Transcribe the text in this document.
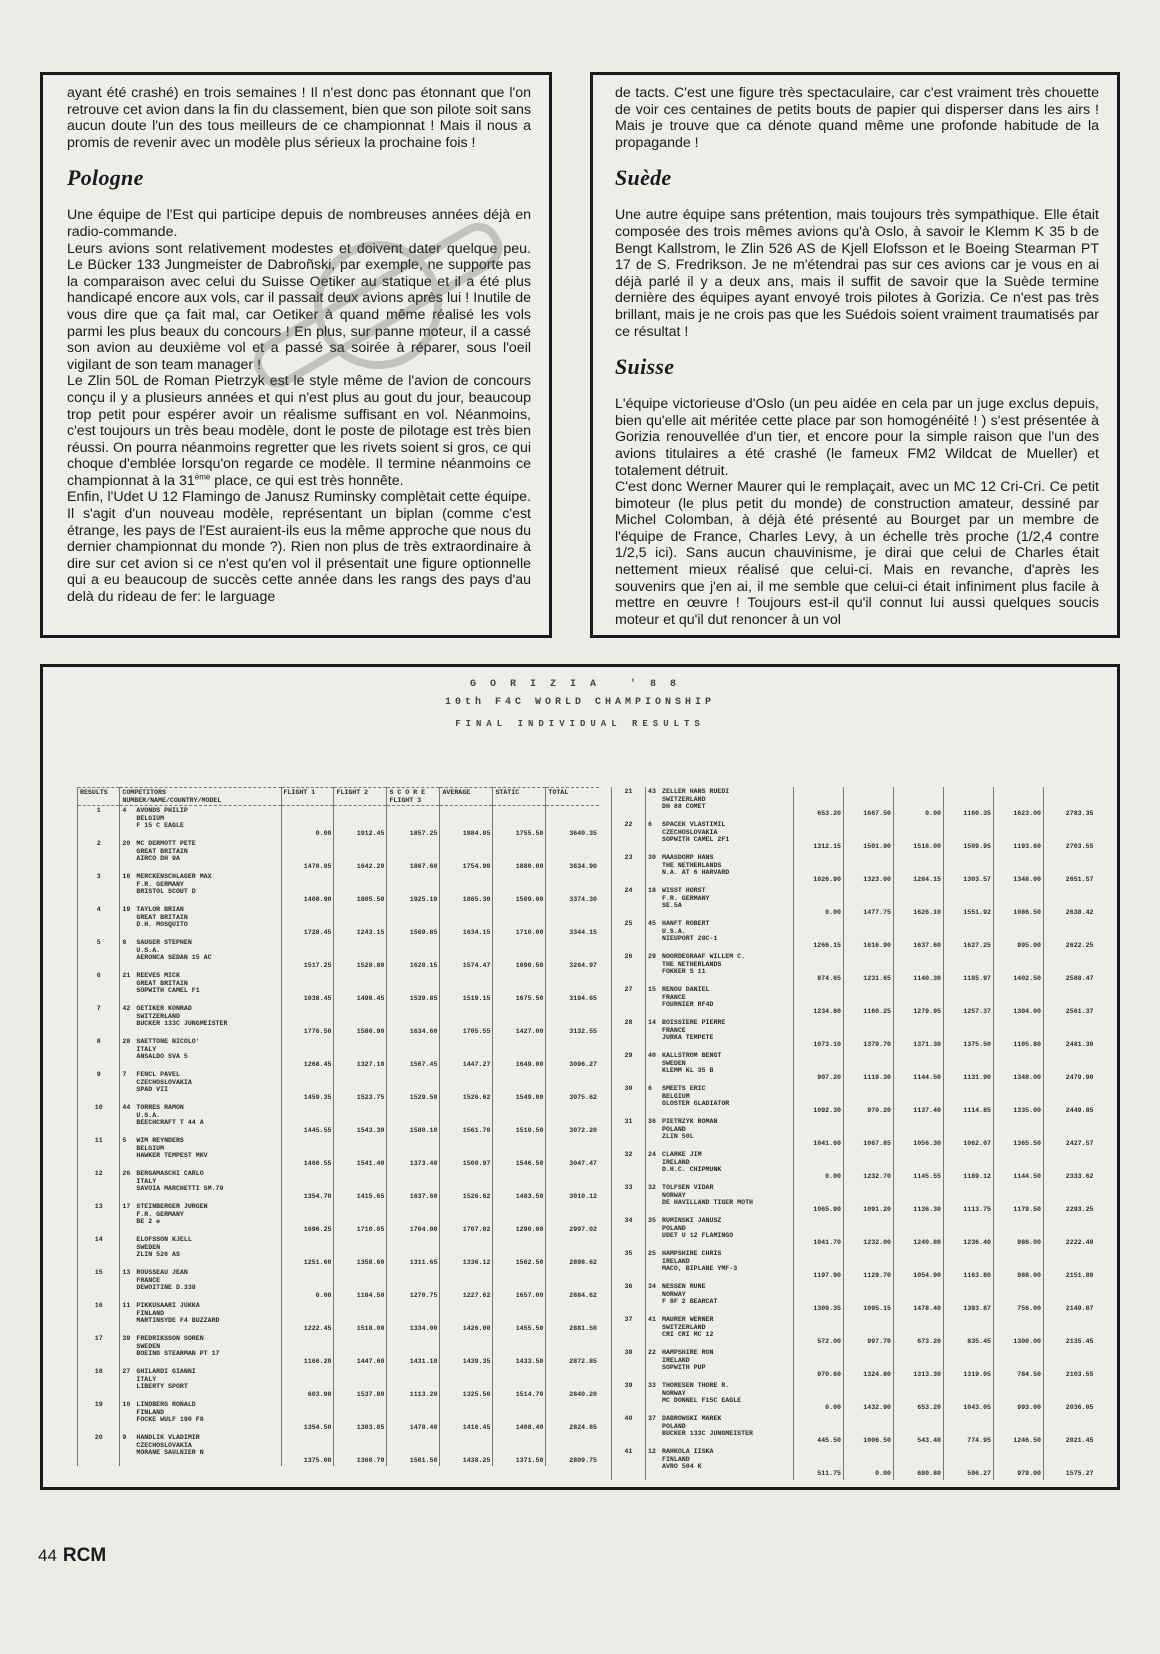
ayant été crashé) en trois semaines ! Il n'est donc pas étonnant que l'on retrouve cet avion dans la fin du classement, bien que son pilote soit sans aucun doute l'un des tous meilleurs de ce championnat ! Mais il nous a promis de revenir avec un modèle plus sérieux la prochaine fois !

Pologne

Une équipe de l'Est qui participe depuis de nombreuses années déjà en radio-commande.

Leurs avions sont relativement modestes et doivent dater quelque peu. Le Bücker 133 Jungmeister de Dabroñski, par exemple, ne supporte pas la comparaison avec celui du Suisse Oetiker au statique et il a été plus handicapé encore aux vols, car il passait deux avions après lui ! Inutile de vous dire que ça fait mal, car Oetiker à quand même réalisé les vols parmi les plus beaux du concours ! En plus, sur panne moteur, il a cassé son avion au deuxième vol et a passé sa soirée à réparer, sous l'oeil vigilant de son team manager !

Le Zlin 50L de Roman Pietrzyk est le style même de l'avion de concours conçu il y a plusieurs années et qui n'est plus au gout du jour, beaucoup trop petit pour espérer avoir un réalisme suffisant en vol. Néanmoins, c'est toujours un très beau modèle, dont le poste de pilotage est très bien réussi. On pourra néanmoins regretter que les rivets soient si gros, ce qui choque d'emblée lorsqu'on regarde ce modèle. Il termine néanmoins ce championnat à la 31ème place, ce qui est très honnête.

Enfin, l'Udet U 12 Flamingo de Janusz Ruminsky complètait cette équipe. Il s'agit d'un nouveau modèle, représentant un biplan (comme c'est étrange, les pays de l'Est auraient-ils eus la même approche que nous du dernier championnat du monde ?). Rien non plus de très extraordinaire à dire sur cet avion si ce n'est qu'en vol il présentait une figure optionnelle qui a eu beaucoup de succès cette année dans les rangs des pays d'au delà du rideau de fer: le larguage

de tacts. C'est une figure très spectaculaire, car c'est vraiment très chouette de voir ces centaines de petits bouts de papier qui disperser dans les airs ! Mais je trouve que ca dénote quand même une profonde habitude de la propagande !

Suède

Une autre équipe sans prétention, mais toujours très sympathique. Elle était composée des trois mêmes avions qu'à Oslo, à savoir le Klemm K 35 b de Bengt Kallstrom, le Zlin 526 AS de Kjell Elofsson et le Boeing Stearman PT 17 de S. Fredrikson. Je ne m'étendrai pas sur ces avions car je vous en ai déjà parlé il y a deux ans, mais il suffit de savoir que la Suède termine dernière des équipes ayant envoyé trois pilotes à Gorizia. Ce n'est pas très brillant, mais je ne crois pas que les Suédois soient vraiment traumatisés par ce résultat !

Suisse

L'équipe victorieuse d'Oslo (un peu aidée en cela par un juge exclus depuis, bien qu'elle ait méritée cette place par son homogénéité ! ) s'est présentée à Gorizia renouvellée d'un tier, et encore pour la simple raison que l'un des avions titulaires a été crashé (le fameux FM2 Wildcat de Mueller) et totalement détruit.

C'est donc Werner Maurer qui le remplaçait, avec un MC 12 Cri-Cri. Ce petit bimoteur (le plus petit du monde) de construction amateur, dessiné par Michel Colomban, à déjà été présenté au Bourget par un membre de l'équipe de France, Charles Levy, à un échelle très proche (1/2,4 contre 1/2,5 ici). Sans aucun chauvinisme, je dirai que celui de Charles était nettement mieux réalisé que celui-ci. Mais en revanche, d'après les souvenirs que j'en ai, il me semble que celui-ci était infiniment plus facile à mettre en œuvre ! Toujours est-il qu'il connut lui aussi quelques soucis moteur et qu'il dut renoncer à un vol

GORIZIA '88
10th F4C WORLD CHAMPIONSHIP
FINAL INDIVIDUAL RESULTS
RESULTS	COMPETITORS
NUMBER/NAME/COUNTRY/MODEL	FLIGHT 1	FLIGHT 2	S C O R E
FLIGHT 3	AVERAGE	STATIC	TOTAL
1	4 AVONDS PHILIP
BELGIUM
F 15 C EAGLE	0.00	1912.45	1857.25	1884.85	1755.50	3640.35
2	20 MC DERMOTT PETE
GREAT BRITAIN
AIRCO DH 9A	1470.85	1642.20	1867.60	1754.90	1880.00	3634.90
3	16 MERCKENSCHLAGER MAX
F.R. GERMANY
BRISTOL SCOUT D	1408.90	1805.50	1925.10	1865.30	1509.00	3374.30
4	19 TAYLOR BRIAN
GREAT BRITAIN
D.H. MOSQUITO	1728.45	1243.15	1569.85	1634.15	1710.00	3344.15
5	8 SAUGER STEPHEN
U.S.A.
AERONCA SEDAN 15 AC	1517.25	1528.80	1620.15	1574.47	1690.50	3264.97
6	21 REEVES MICK
GREAT BRITAIN
SOPWITH CAMEL F1	1038.45	1498.45	1539.85	1519.15	1675.50	3194.65
7	42 OETIKER KONRAD
SWITZERLAND
BUCKER 133C JUNGMEISTER	1776.50	1580.90	1634.60	1705.55	1427.00	3132.55
8	28 SAETTONE NICOLO'
ITALY
ANSALDO SVA 5	1268.45	1327.10	1567.45	1447.27	1649.00	3096.27
9	7 FENCL PAVEL
CZECHOSLOVAKIA
SPAD VII	1459.35	1523.75	1529.50	1526.62	1549.00	3075.62
10	44 TORRES RAMON
U.S.A.
BEECHCRAFT T 44 A	1445.55	1543.30	1580.10	1561.70	1510.50	3072.20
11	5 WIM REYNDERS
BELGIUM
HAWKER TEMPEST MKV	1460.55	1541.40	1373.40	1500.97	1546.50	3047.47
12	26 BERGAMASCHI CARLO
ITALY
SAVOIA MARCHETTI SM.79	1354.70	1415.65	1637.60	1526.62	1483.50	3010.12
13	17 STEINBERGER JURGEN
F.R. GERMANY
BE 2 e	1696.25	1710.05	1704.00	1707.02	1290.00	2997.02
14	ELOFSSON KJELL
SWEDEN
ZLIN 526 AS	1251.60	1358.60	1311.65	1336.12	1562.50	2898.62
15	13 ROUSSEAU JEAN
FRANCE
DEWOITINE D.338	0.00	1184.50	1270.75	1227.62	1657.00	2884.62
16	11 PIKKUSAARI JUKKA
FINLAND
MARTINSYDE F4 BUZZARD	1222.45	1518.00	1334.00	1426.00	1455.50	2881.50
17	39 FREDRIKSSON SOREN
SWEDEN
BOEING STEARMAN PT 17	1166.20	1447.60	1431.10	1439.35	1433.50	2872.85
18	27 GHILARDI GIANNI
ITALY
LIBERTY SPORT	603.90	1537.80	1113.20	1325.50	1514.70	2840.20
19	10 LINDBERG RONALD
FINLAND
FOCKE WULF 190 F8	1354.50	1303.05	1478.40	1416.45	1408.40	2824.85
20	9 HANDLIK VLADIMIR
CZECHOSLOVAKIA
MORANE SAULNIER N	1375.00	1360.70	1501.50	1438.25	1371.50	2809.75
21	43 ZELLER HANS RUEDI
SWITZERLAND
DH 88 COMET	653.20	1667.50	0.00	1160.35	1623.00	2783.35
22	6 SPACEK VLASTIMIL
CZECHOSLOVAKIA
SOPWITH CAMEL 2F1	1312.15	1501.90	1518.00	1509.95	1193.60	2703.55
23	30 MAASDORP HANS
THE NETHERLANDS
N.A. AT 6 HARVARD	1026.90	1323.00	1284.15	1303.57	1348.00	2651.57
24	18 WISST HORST
F.R. GERMANY
SE.5A	0.00	1477.75	1626.10	1551.92	1086.50	2638.42
25	45 HANFT ROBERT
U.S.A.
NIEUPORT 28C-1	1266.15	1616.90	1637.60	1627.25	995.00	2622.25
26	29 NOORDEGRAAF WILLEM C.
THE NETHERLANDS
FOKKER S 11	874.65	1231.65	1140.30	1185.97	1402.50	2588.47
27	15 RENOU DANIEL
FRANCE
FOURNIER RF4D	1234.80	1160.25	1279.95	1257.37	1304.00	2561.37
28	14 BOISSIERE PIERRE
FRANCE
JURKA TEMPETE	1073.10	1379.70	1371.30	1375.50	1105.80	2481.30
29	40 KALLSTROM BENGT
SWEDEN
KLEMM KL 35 B	907.20	1119.30	1144.50	1131.90	1348.00	2479.90
30	6 SMEETS ERIC
BELGIUM
GLOSTER GLADIATOR	1092.30	970.20	1137.40	1114.85	1335.00	2449.85
31	36 PIETRZYK ROMAN
POLAND
ZLIN 50L	1041.60	1067.85	1056.30	1062.07	1365.50	2427.57
32	24 CLARKE JIM
IRELAND
D.H.C. CHIPMUNK	0.00	1232.70	1145.55	1189.12	1144.50	2333.62
33	32 TOLFSEN VIDAR
NORWAY
DE HAVILLAND TIGER MOTH	1065.90	1091.20	1136.30	1113.75	1179.50	2293.25
34	35 RUMINSKI JANUSZ
POLAND
UDET U 12 FLAMINGO	1041.70	1232.00	1240.80	1236.40	986.00	2222.40
35	25 HAMPSHIRE CHRIS
IRELAND
MACO, BIPLANE YMF-3	1197.90	1129.70	1054.90	1163.80	988.00	2151.80
36	34 NESSEN RUNE
NORWAY
F 8F 2 BEARCAT	1309.35	1095.15	1478.40	1393.87	756.00	2149.87
37	41 MAURER WERNER
SWITZERLAND
CRI CRI MC 12	572.00	997.70	673.20	835.45	1300.00	2135.45
38	22 HAMPSHIRE RON
IRELAND
SOPWITH PUP	970.60	1324.80	1313.30	1319.05	784.50	2103.55
39	33 THORESEN THORE R.
NORWAY
MC DONNEL F15C EAGLE	0.00	1432.90	653.20	1043.05	993.00	2036.05
40	37 DABROWSKI MAREK
POLAND
BUCKER 133C JUNGMEISTER	445.50	1006.50	543.40	774.95	1246.50	2021.45
41	12 RAHKOLA IISKA
FINLAND
AVRO 504 K	511.75	0.00	680.80	596.27	979.00	1575.27
44 RCM
